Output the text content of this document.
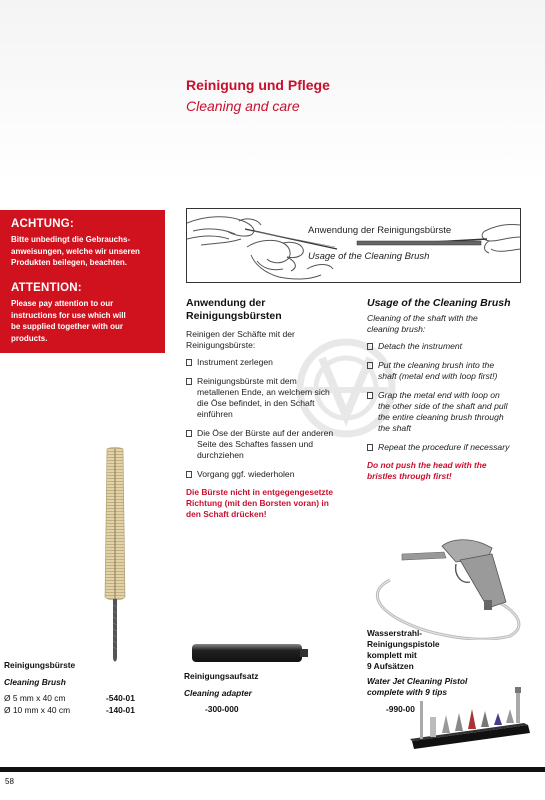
Reinigung und Pflege
Cleaning and care
ACHTUNG:
Bitte unbedingt die Gebrauchs-
anweisungen, welche wir unseren
Produkten beilegen, beachten.
ATTENTION:
Please pay attention to our
instructions for use which will
be supplied together with our
products.
Anwendung der Reinigungsbürste
Usage of the Cleaning Brush
Anwendung der
Reinigungsbürsten
Reinigen der Schäfte mit der
Reinigungsbürste:
Instrument zerlegen
Reinigungsbürste mit dem
metallenen Ende, an welchem sich
die Öse befindet, in den Schaft
einführen
Die Öse der Bürste auf der anderen
Seite des Schaftes fassen und
durchziehen
Vorgang ggf. wiederholen
Die Bürste nicht in entgegengesetzte
Richtung (mit den Borsten voran) in
den Schaft drücken!
Usage of the Cleaning Brush
Cleaning of the shaft with the
cleaning brush:
Detach the instrument
Put the cleaning brush into the
shaft (metal end with loop first!)
Grap the metal end with loop on
the other side of the shaft and pull
the entire cleaning brush through
the shaft
Repeat the procedure if necessary
Do not push the head with the
bristles through first!
Reinigungsbürste
Cleaning Brush
Ø 5 mm x 40 cm	-540-01
Ø 10 mm x 40 cm	-140-01
Reinigungsaufsatz
Cleaning adapter
-300-000
Wasserstrahl-
Reinigungspistole
komplett mit
9 Aufsätzen
Water Jet Cleaning Pistol
complete with 9 tips
-990-00
58
